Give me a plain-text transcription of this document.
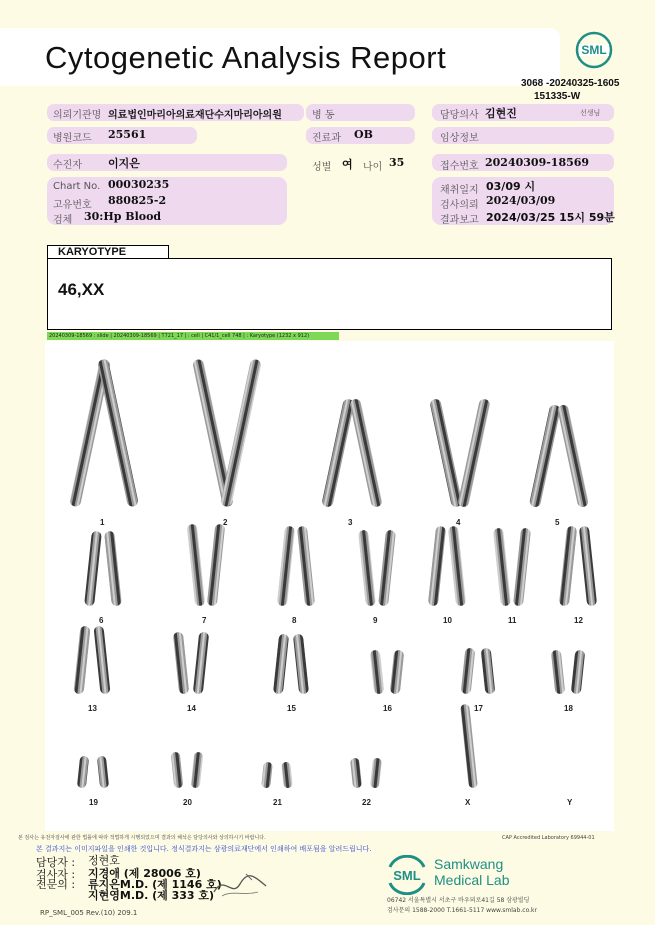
Cytogenetic Analysis Report	SML
3068 -20240325-1605
151335-W
의뢰기관명 의료법인마리아의료재단수지마리아의원	병 동	담당의사 김현진	선생님
병원코드 25561	진료과 OB	임상정보
수진자 이지은	성별 여 나이 35	접수번호 20240309-18569
Chart No. 00030235
고유번호 880825-2
검체 30:Hp Blood
채취일지 03/09 시
검사의뢰 2024/03/09
결과보고 2024/03/25 15시 59분
KARYOTYPE
46,XX
20240309-18569 : slide | 20240309-18569 | T721_17 | : cell | C41/1_cell 748 | : Karyotype (1232 x 912)
1	2	3	4	5
6	7	8	9	10	11	12
13	14	15	16	17	18
19	20	21	22	X	Y
본 검사는 유전자검사에 관한 법률에 따라 적법하게 시행되었으며 결과의 해석은 담당의사와 상의하시기 바랍니다.	CAP Accredited Laboratory 69944-01
본 결과지는 이미지파일을 인쇄한 것입니다. 정식결과지는 삼광의료재단에서 인쇄하여 배포됨을 알려드립니다.
담당자 : 정현호
검사자 : 지경애 (제 28006 호)
전문의 : 류지은M.D. (제 1146 호)
지현영M.D. (제 333 호)
SML
Samkwang
Medical Lab
06742 서울특별시 서초구 바우뫼로41길 58 삼광빌딩
검사문의 1588-2000 T.1661-5117 www.smlab.co.kr
RP_SML_005 Rev.(10) 209.1
